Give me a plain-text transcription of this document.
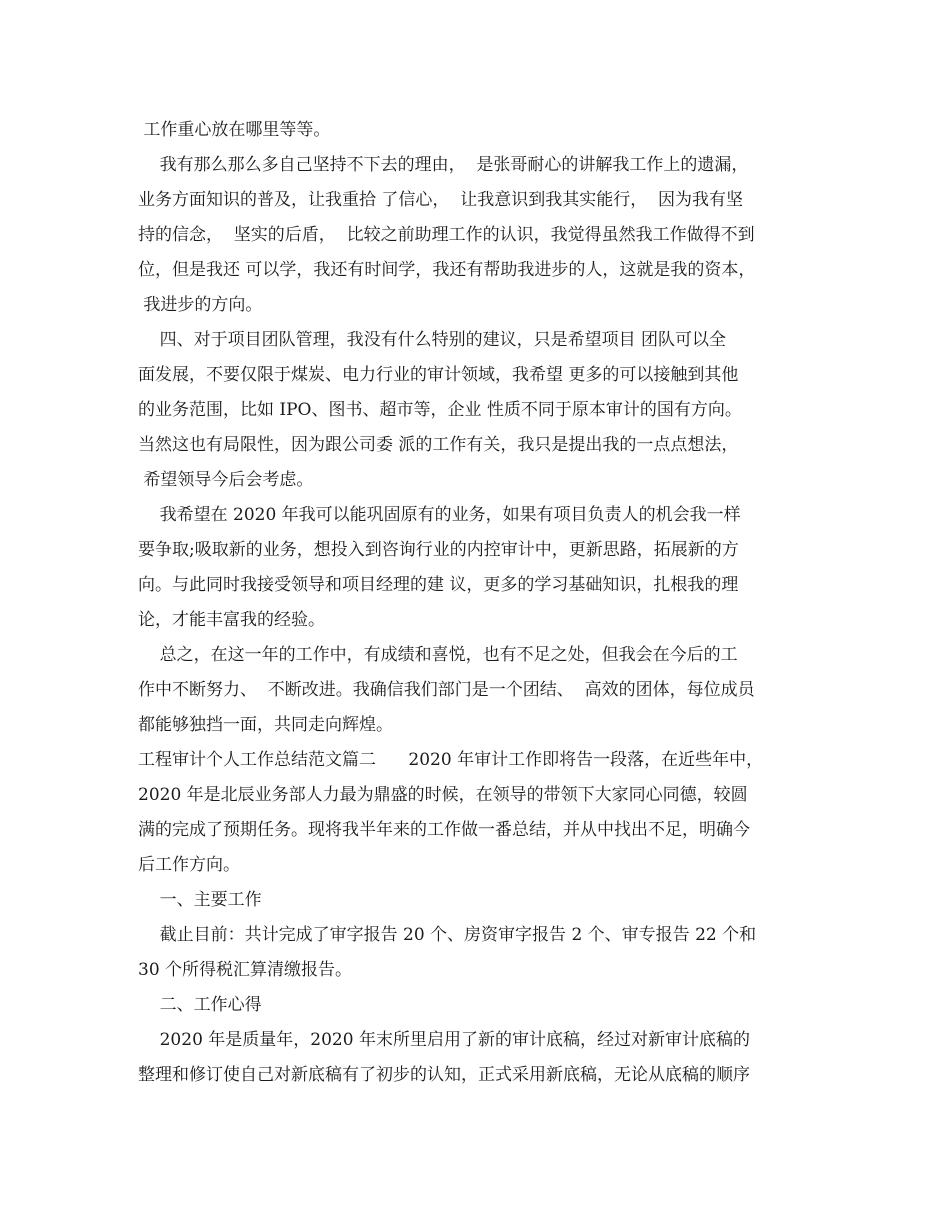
工作重心放在哪里等等。
我有那么那么多自己坚持不下去的理由，  是张哥耐心的讲解我工作上的遗漏，
业务方面知识的普及，让我重拾 了信心，  让我意识到我其实能行，  因为我有坚
持的信念，  坚实的后盾，  比较之前助理工作的认识，我觉得虽然我工作做得不到
位，但是我还 可以学，我还有时间学，我还有帮助我进步的人，这就是我的资本，
我进步的方向。
四、对于项目团队管理，我没有什么特别的建议，只是希望项目 团队可以全
面发展，不要仅限于煤炭、电力行业的审计领域，我希望 更多的可以接触到其他
的业务范围，比如 IPO、图书、超市等，企业 性质不同于原本审计的国有方向。
当然这也有局限性，因为跟公司委 派的工作有关，我只是提出我的一点点想法，
希望领导今后会考虑。
我希望在 2020 年我可以能巩固原有的业务，如果有项目负责人的机会我一样
要争取;吸取新的业务，想投入到咨询行业的内控审计中，更新思路，拓展新的方
向。与此同时我接受领导和项目经理的建 议，更多的学习基础知识，扎根我的理
论，才能丰富我的经验。
总之，在这一年的工作中，有成绩和喜悦，也有不足之处，但我会在今后的工
作中不断努力、  不断改进。我确信我们部门是一个团结、  高效的团体，每位成员
都能够独挡一面，共同走向辉煌。
工程审计个人工作总结范文篇二      2020 年审计工作即将告一段落，在近些年中，
2020 年是北辰业务部人力最为鼎盛的时候，在领导的带领下大家同心同德，较圆
满的完成了预期任务。现将我半年来的工作做一番总结，并从中找出不足，明确今
后工作方向。
一、主要工作
截止目前：共计完成了审字报告 20 个、房资审字报告 2 个、审专报告 22 个和
30 个所得税汇算清缴报告。
二、工作心得
2020 年是质量年，2020 年末所里启用了新的审计底稿，经过对新审计底稿的
整理和修订使自己对新底稿有了初步的认知，正式采用新底稿，无论从底稿的顺序
